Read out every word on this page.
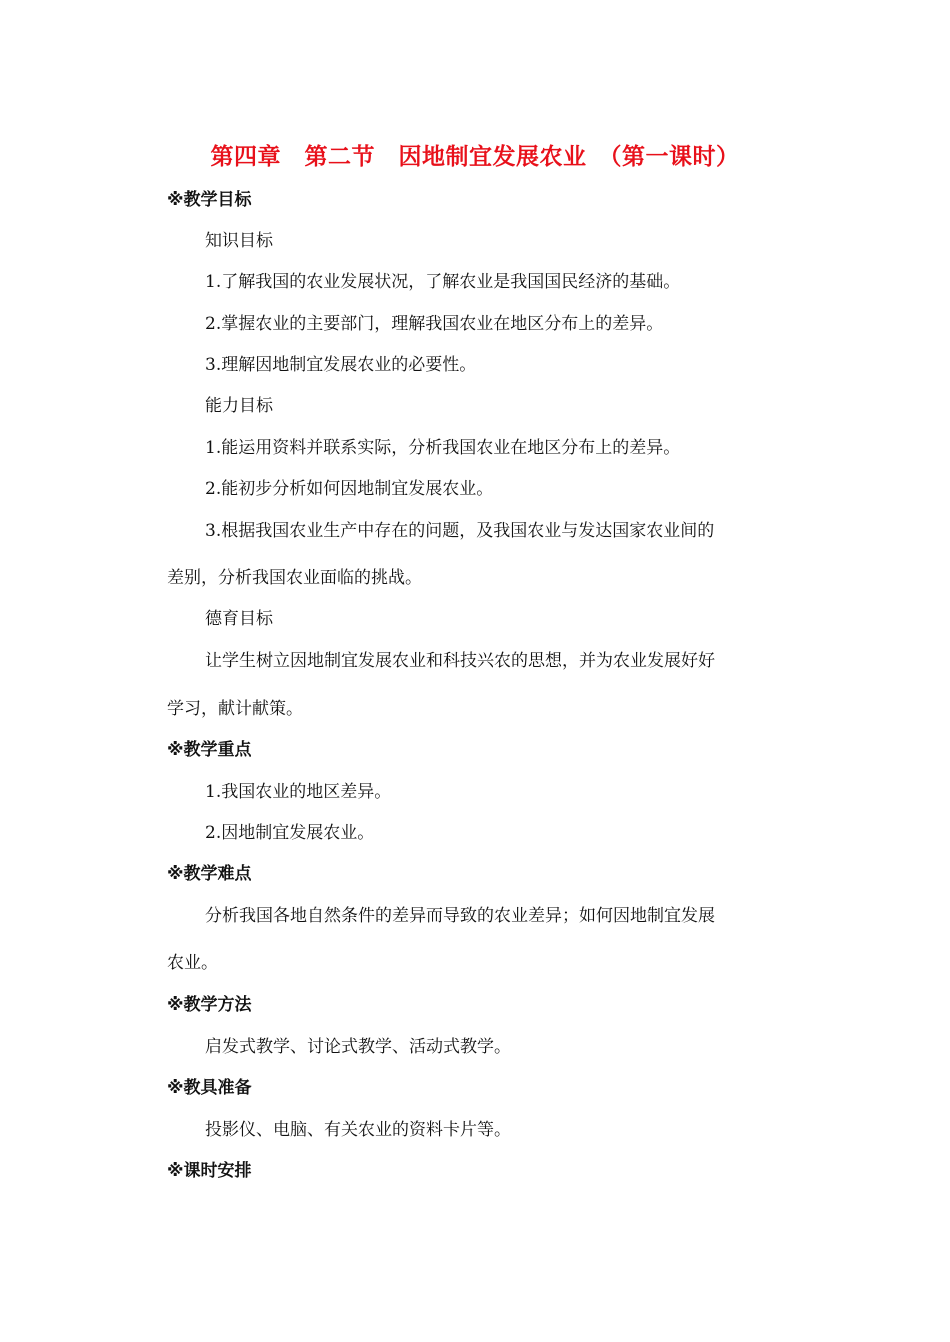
第四章　第二节　因地制宜发展农业　（第一课时）
※教学目标
知识目标
1.了解我国的农业发展状况，了解农业是我国国民经济的基础。
2.掌握农业的主要部门，理解我国农业在地区分布上的差异。
3.理解因地制宜发展农业的必要性。
能力目标
1.能运用资料并联系实际，分析我国农业在地区分布上的差异。
2.能初步分析如何因地制宜发展农业。
3.根据我国农业生产中存在的问题，及我国农业与发达国家农业间的
差别，分析我国农业面临的挑战。
德育目标
让学生树立因地制宜发展农业和科技兴农的思想，并为农业发展好好
学习，献计献策。
※教学重点
1.我国农业的地区差异。
2.因地制宜发展农业。
※教学难点
分析我国各地自然条件的差异而导致的农业差异；如何因地制宜发展
农业。
※教学方法
启发式教学、讨论式教学、活动式教学。
※教具准备
投影仪、电脑、有关农业的资料卡片等。
※课时安排
